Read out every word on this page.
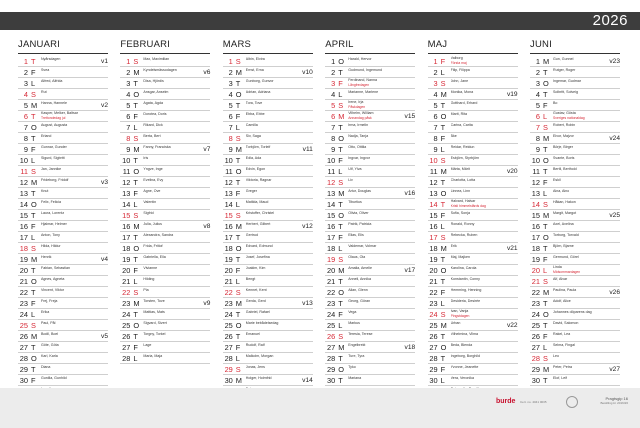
2026
JANUARI
1 T Nyårsdagen	v1
2 F Svea
3 L Alfred, Alfrida
4 S Rut
5 M Hanna, Hannele	v2
6 T Kasper, Melker, Baltsar
Trettondedag jul
7 O August, Augusta
8 T Erland
9 F Gunnar, Gunder
10 L Sigurd, Sigbritt
11 S Jan, Jannike
12 M Frideborg, Fridolf	v3
13 T Knut
14 O Felix, Felicia
15 T Laura, Lorentz
16 F Hjalmar, Helmer
17 L Anton, Tony
18 S Hilda, Hildur
19 M Henrik	v4
20 T Fabian, Sebastian
21 O Agnes, Agneta
22 T Vincent, Viktor
23 F Frej, Freja
24 L Erika
25 S Paul, Pål
26 M Bodil, Boel	v5
27 T Göte, Göta
28 O Karl, Karla
29 T Diana
30 F Gunilla, Gunhild
FEBRUARI
1 S Max, Maximilian
2 M Kyndelsmässodagen	v6
3 T Disa, Hjördis
4 O Ansgar, Anselm
5 T Agata, Agda
6 F Dorotea, Doris
7 L Rikard, Dick
8 S Berta, Bert
9 M Fanny, Franciska	v7
10 T Iris
11 O Yngve, Inge
12 T Evelina, Evy
13 F Agne, Ove
14 L Valentin
15 S Sigfrid
16 M Julia, Julius	v8
17 T Alexandra, Sandra
18 O Frida, Fritiof
19 T Gabriella, Ella
20 F Vivianne
21 L Hilding
22 S Pia
23 M Torsten, Tove	v9
24 T Mattias, Mats
25 O Sigvard, Sivert
26 T Torgny, Torkel
27 F Lage
28 L Maria, Maja
MARS
1 S Albin, Elvira
2 M Ernst, Erna	v10
3 T Gunborg, Gunvor
4 O Adrian, Adriana
5 T Tora, Tove
6 F Ebba, Ebbe
7 L Camilla
8 S Siv, Saga
9 M Torbjörn, Torleif	v11
10 T Edla, Ada
11 O Edvin, Egon
12 T Viktoria, Ragnar
13 F Greger
14 L Matilda, Maud
15 S Kristoffer, Christel
16 M Herbert, Gilbert	v12
17 T Gertrud
18 O Edvard, Edmund
19 T Josef, Josefina
20 F Joakim, Kim
21 L Bengt
22 S Kennet, Kent
23 M Gerda, Gerd	v13
24 T Gabriel, Rafael
25 O Marie bebådelsedag
26 T Emanuel
27 F Rudolf, Ralf
28 L Malkolm, Morgan
29 S Jonas, Jens
30 M Holger, Holmfrid	v14
APRIL
1 O Harald, Hervor
2 T Gudmund, Ingemund
3 F Ferdinand, Nanna
Långfredagen
4 L Marianne, Marlene
5 S Irene, Irja
Påskdagen
6 M Vilhelm, William
Annandag påsk	v15
7 T Irma, Irmelin
8 O Nadja, Tanja
9 T Otto, Ottilia
10 F Ingvar, Ingvor
11 L Ulf, Ylva
12 S Liv
13 M Artur, Douglas	v16
14 T Tiburtius
15 O Olivia, Oliver
16 T Patrik, Patricia
17 F Elias, Elis
18 L Valdemar, Volmar
19 S Olaus, Ola
20 M Amalia, Amelie	v17
21 T Anneli, Annika
22 O Allan, Glenn
23 T Georg, Göran
24 F Vega
25 L Markus
26 S Teresia, Terese
27 M Engelbrekt	v18
28 T Ture, Tyra
29 O Tyko
30 T Mariana
MAJ
1 F Valborg
Första maj
2 L Filip, Filippa
3 S John, Jane
4 M Monika, Mona	v19
5 T Gotthard, Erhard
6 O Marit, Rita
7 T Carina, Carita
8 F Åke
9 L Reidar, Reidun
10 S Esbjörn, Styrbjörn
11 M Märta, Märit	v20
12 T Charlotta, Lotta
13 O Linnea, Linn
14 T Halvard, Halvar
Kristi himmelsfärds dag
15 F Sofia, Sonja
16 L Ronald, Ronny
17 S Rebecka, Ruben
18 M Erik	v21
19 T Maj, Majken
20 O Karolina, Carola
21 T Konstantin, Conny
22 F Hemming, Henning
23 L Desideria, Desirée
24 S Ivan, Vanja
Pingstdagen
25 M Urban	v22
26 T Vilhelmina, Vilma
27 O Beda, Blenda
28 T Ingeborg, Borghild
29 F Yvonne, Jeanette
30 L Vera, Veronika
JUNI
1 M Gun, Gunnel	v23
2 T Rutger, Roger
3 O Ingemar, Gudmar
4 T Solbritt, Solveig
5 F Bo
6 L Gustav, Gösta
Sveriges nationaldag
7 S Robert, Robin
8 M Eivor, Majvor	v24
9 T Börje, Birger
10 O Svante, Boris
11 T Bertil, Berthold
12 F Eskil
13 L Aina, Aino
14 S Håkan, Hakon
15 M Margit, Margot	v25
16 T Axel, Axelina
17 O Torborg, Torvald
18 T Björn, Bjarne
19 F Germund, Görel
20 L Linda
Midsommardagen
21 S Alf, Alvar
22 M Paulina, Paula	v26
23 T Adolf, Alice
24 O Johannes döparens dag
25 T David, Salomon
26 F Rakel, Lea
27 L Selma, Fingal
28 S Leo
29 M Peter, Petra	v27
30 T Elof, Leif
burde Cert. no. 4041 0035
Pragtsgip 16
Bestilling kl. 2016/26
